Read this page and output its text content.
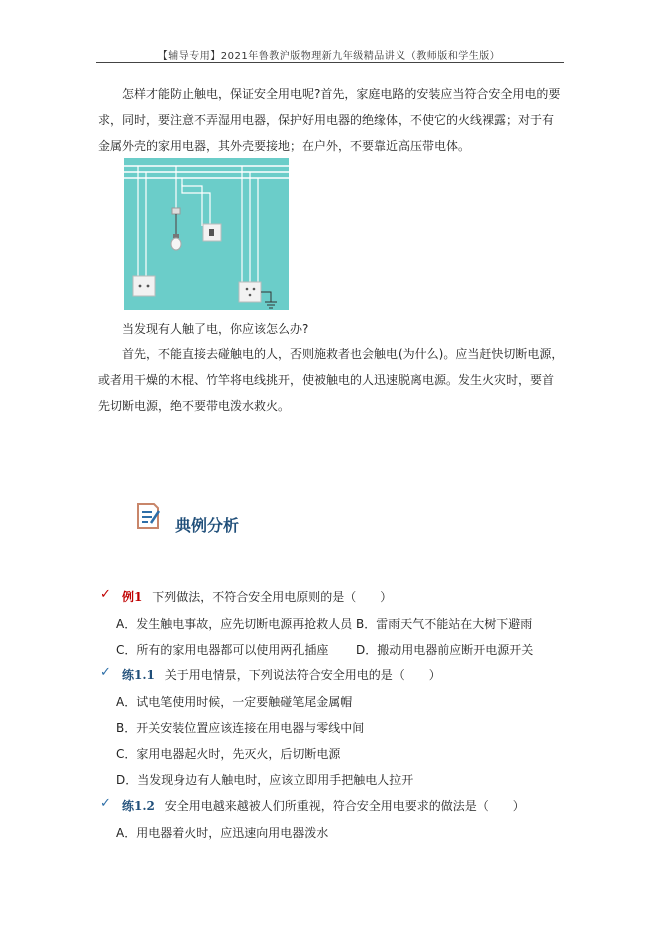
【辅导专用】2021年鲁教沪版物理新九年级精品讲义（教师版和学生版）

怎样才能防止触电，保证安全用电呢?首先，家庭电路的安装应当符合安全用电的要求，同时，要注意不弄湿用电器，保护好用电器的绝缘体，不使它的火线裸露；对于有金属外壳的家用电器，其外壳要接地；在户外，不要靠近高压带电体。

当发现有人触了电，你应该怎么办?

首先，不能直接去碰触电的人，否则施救者也会触电(为什么)。应当赶快切断电源，或者用干燥的木棍、竹竿将电线挑开，使被触电的人迅速脱离电源。发生火灾时，要首先切断电源，绝不要带电泼水救火。

典例分析
✓ 例1 下列做法，不符合安全用电原则的是（　　）
A．发生触电事故，应先切断电源再抢救人员 B．雷雨天气不能站在大树下避雨
C．所有的家用电器都可以使用两孔插座 D．搬动用电器前应断开电源开关
✓ 练1.1 关于用电情景，下列说法符合安全用电的是（　　）
A．试电笔使用时候，一定要触碰笔尾金属帽
B．开关安装位置应该连接在用电器与零线中间
C．家用电器起火时，先灭火，后切断电源
D．当发现身边有人触电时，应该立即用手把触电人拉开
✓ 练1.2 安全用电越来越被人们所重视，符合安全用电要求的做法是（　　）
A．用电器着火时，应迅速向用电器泼水
